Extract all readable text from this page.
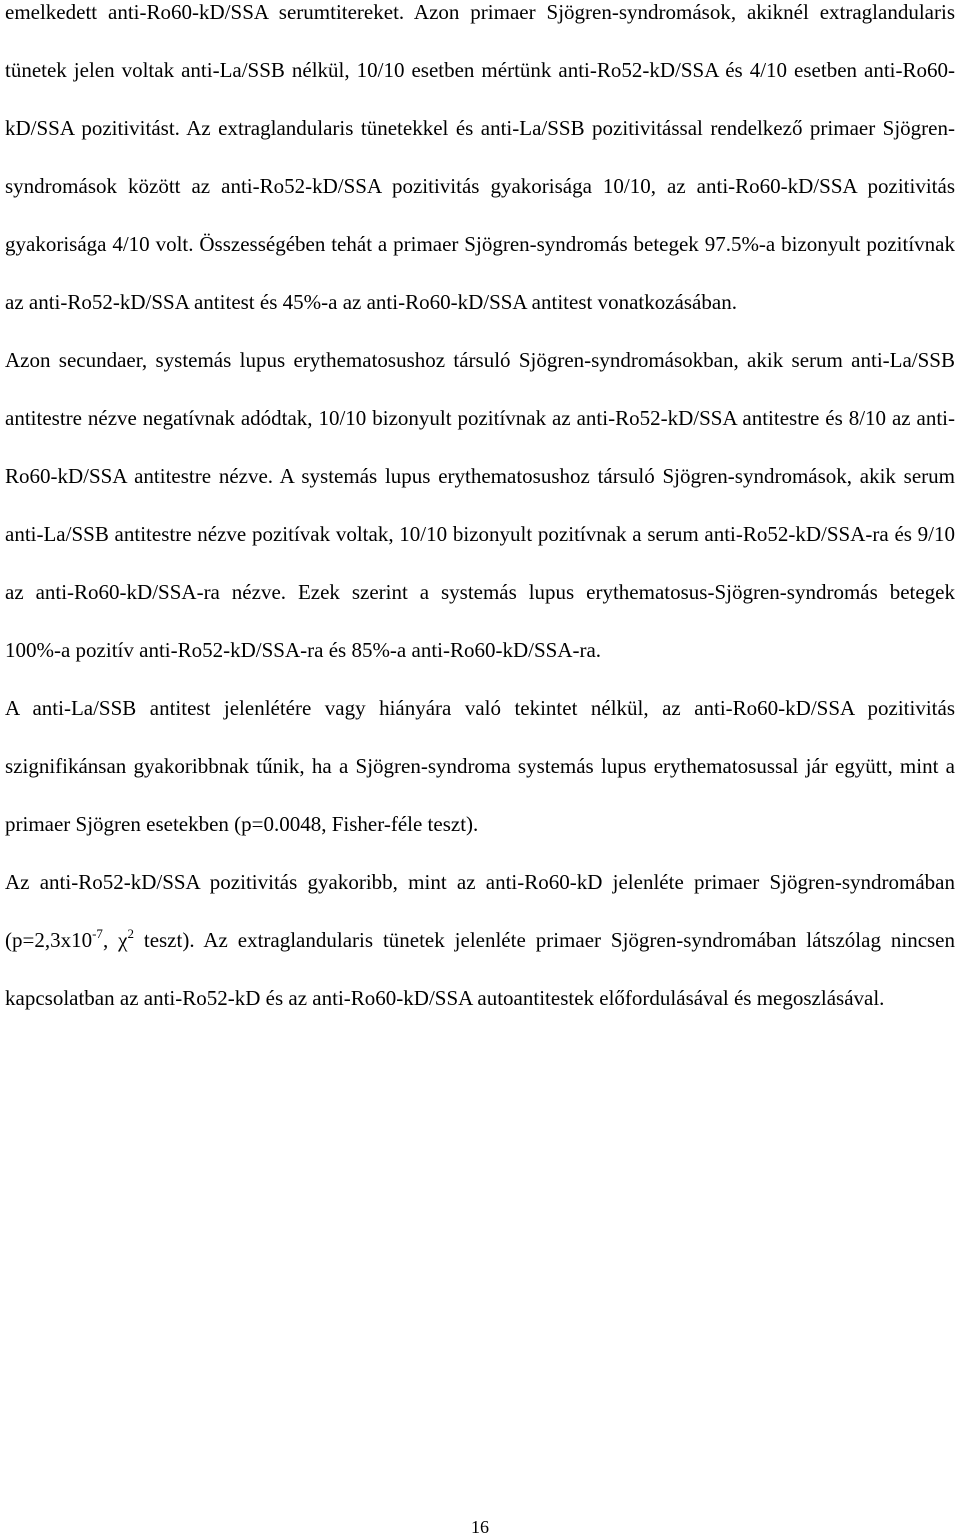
emelkedett anti-Ro60-kD/SSA serumtitereket. Azon primaer Sjögren-syndromások, akiknél extraglandularis tünetek jelen voltak anti-La/SSB nélkül, 10/10 esetben mértünk anti-Ro52-kD/SSA és 4/10 esetben anti-Ro60-kD/SSA pozitivitást. Az extraglandularis tünetekkel és anti-La/SSB pozitivitással rendelkező primaer Sjögren-syndromások között az anti-Ro52-kD/SSA pozitivitás gyakorisága 10/10, az anti-Ro60-kD/SSA pozitivitás gyakorisága 4/10 volt. Összességében tehát a primaer Sjögren-syndromás betegek 97.5%-a bizonyult pozitívnak az anti-Ro52-kD/SSA antitest és 45%-a az anti-Ro60-kD/SSA antitest vonatkozásában.

Azon secundaer, systemás lupus erythematosushoz társuló Sjögren-syndromásokban, akik serum anti-La/SSB antitestre nézve negatívnak adódtak, 10/10 bizonyult pozitívnak az anti-Ro52-kD/SSA antitestre és 8/10 az anti-Ro60-kD/SSA antitestre nézve. A systemás lupus erythematosushoz társuló Sjögren-syndromások, akik serum anti-La/SSB antitestre nézve pozitívak voltak, 10/10 bizonyult pozitívnak a serum anti-Ro52-kD/SSA-ra és 9/10 az anti-Ro60-kD/SSA-ra nézve. Ezek szerint a systemás lupus erythematosus-Sjögren-syndromás betegek 100%-a pozitív anti-Ro52-kD/SSA-ra és 85%-a anti-Ro60-kD/SSA-ra.

A anti-La/SSB antitest jelenlétére vagy hiányára való tekintet nélkül, az anti-Ro60-kD/SSA pozitivitás szignifikánsan gyakoribbnak tűnik, ha a Sjögren-syndroma systemás lupus erythematosussal jár együtt, mint a primaer Sjögren esetekben (p=0.0048, Fisher-féle teszt).

Az anti-Ro52-kD/SSA pozitivitás gyakoribb, mint az anti-Ro60-kD jelenléte primaer Sjögren-syndromában ($p=2,3x10^{-7}$, $\chi^2$ teszt). Az extraglandularis tünetek jelenléte primaer Sjögren-syndromában látszólag nincsen kapcsolatban az anti-Ro52-kD és az anti-Ro60-kD/SSA autoantitestek előfordulásával és megoszlásával.

16
